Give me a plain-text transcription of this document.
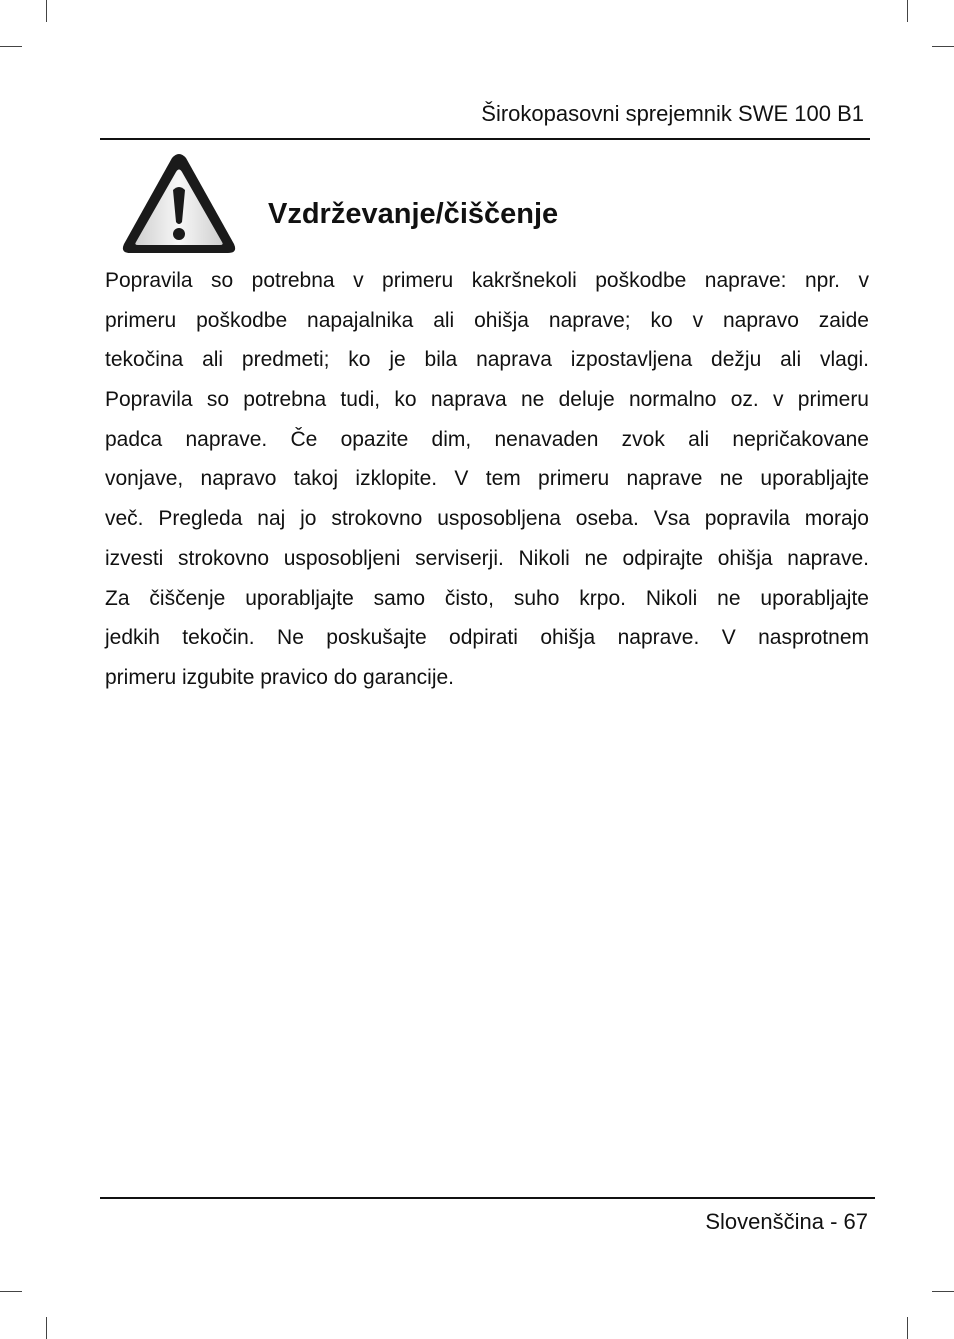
Širokopasovni sprejemnik SWE 100 B1
Vzdrževanje/čiščenje
Popravila so potrebna v primeru kakršnekoli poškodbe naprave: npr. v
primeru poškodbe napajalnika ali ohišja naprave; ko v napravo zaide
tekočina ali predmeti; ko je bila naprava izpostavljena dežju ali vlagi.
Popravila so potrebna tudi, ko naprava ne deluje normalno oz. v primeru
padca naprave. Če opazite dim, nenavaden zvok ali nepričakovane
vonjave, napravo takoj izklopite. V tem primeru naprave ne uporabljajte
več. Pregleda naj jo strokovno usposobljena oseba. Vsa popravila morajo
izvesti strokovno usposobljeni serviserji. Nikoli ne odpirajte ohišja naprave.
Za čiščenje uporabljajte samo čisto, suho krpo. Nikoli ne uporabljajte
jedkih tekočin. Ne poskušajte odpirati ohišja naprave. V nasprotnem
primeru izgubite pravico do garancije.
Slovenščina - 67
